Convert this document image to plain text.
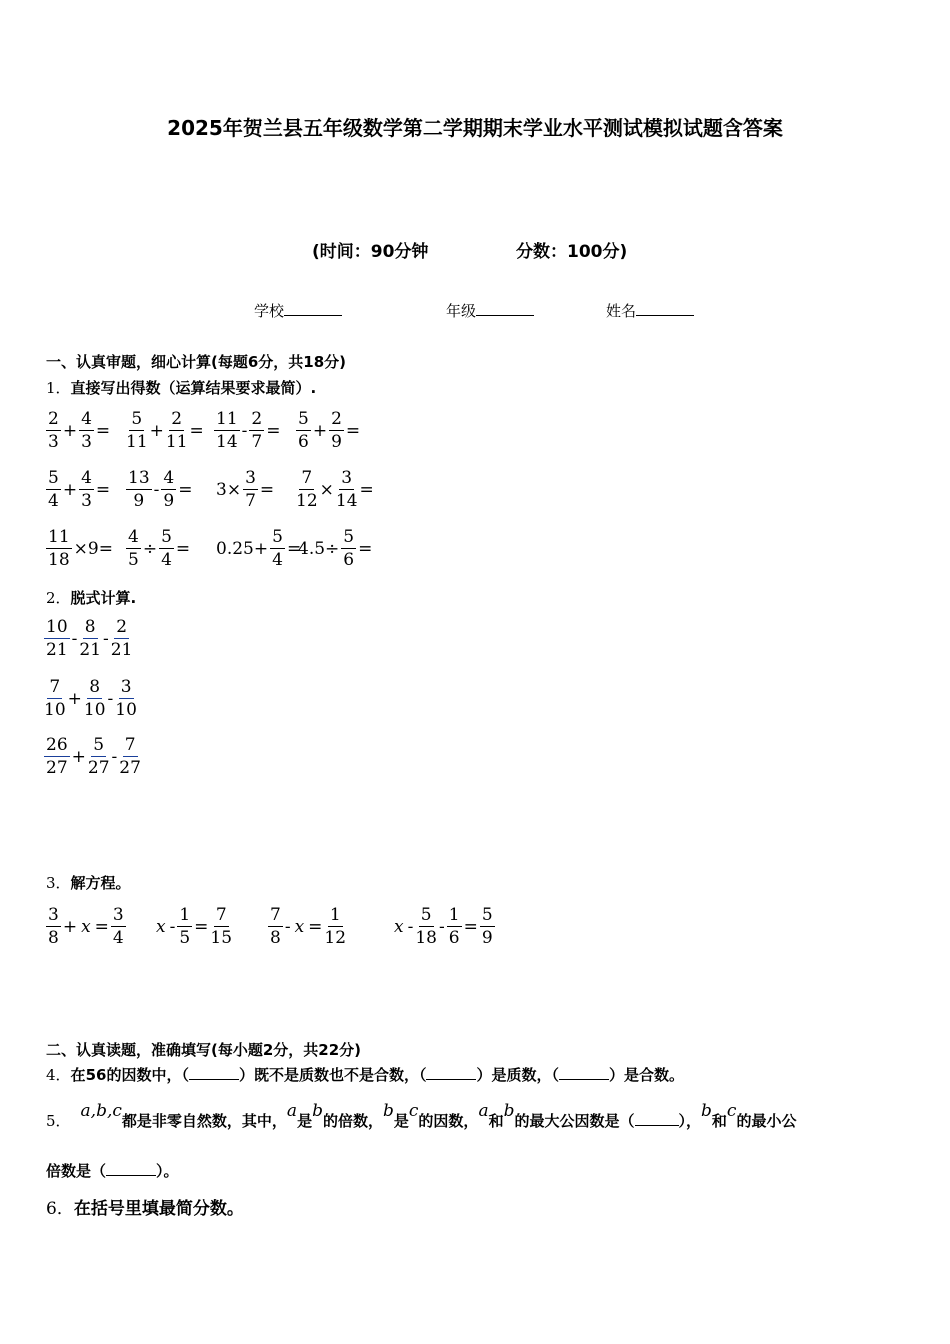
2025年贺兰县五年级数学第二学期期末学业水平测试模拟试题含答案
(时间：90分钟	分数：100分)
学校	年级	姓名
一、认真审题，细心计算(每题6分，共18分)
1．直接写出得数（运算结果要求最简）.
$\frac{2}{3} + \frac{4}{3} = \frac{5}{11} + \frac{2}{11} = \frac{11}{14} - \frac{2}{7} = \frac{5}{6} + \frac{2}{9}$ =
$\frac{5}{4} + \frac{4}{3} = \frac{13}{9} - \frac{4}{9} = 3\times \frac{3}{7} = \frac{7}{12} \times \frac{3}{14}$ =
$\frac{11}{18} \times 9= \frac{4}{5} \div \frac{5}{4} = 0.25+ \frac{5}{4}$ =
$4.5\div \frac{5}{6}$ =
2．脱式计算.
$\frac{10}{21} - \frac{8}{21} - \frac{2}{21}$
$\frac{7}{10} + \frac{8}{10} - \frac{3}{10}$
$\frac{26}{27} + \frac{5}{27} - \frac{7}{27}$
3．解方程。
$\frac{3}{8} + x = \frac{3}{4}$ $x - \frac{1}{5} = \frac{7}{15} \frac{7}{8} - x = \frac{1}{12}$	$x - \frac{5}{18} - \frac{1}{6} = \frac{5}{9}$
二、认真读题，准确填写(每小题2分，共22分)
4．在56的因数中，（	）既不是质数也不是合数，（	）是质数，（	）是合数。
5． a,b,c都是非零自然数，其中，a是b的倍数，b是c的因数，a和b的最大公因数是（	），b和c的最小公
倍数是（	）。
6．在括号里填最简分数。
